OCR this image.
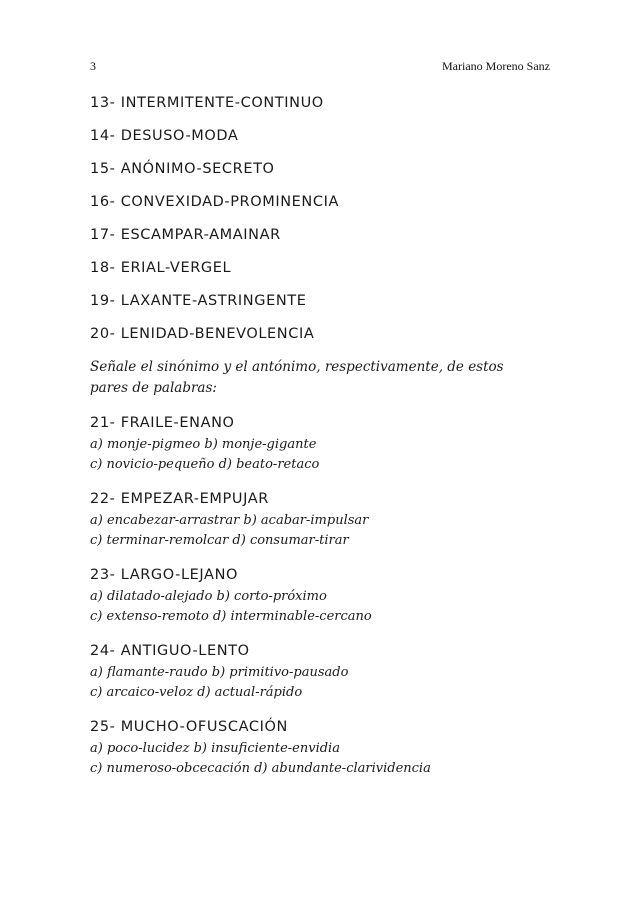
3	Mariano Moreno Sanz
13- INTERMITENTE-CONTINUO
14- DESUSO-MODA
15- ANÓNIMO-SECRETO
16- CONVEXIDAD-PROMINENCIA
17- ESCAMPAR-AMAINAR
18- ERIAL-VERGEL
19- LAXANTE-ASTRINGENTE
20- LENIDAD-BENEVOLENCIA
Señale el sinónimo y el antónimo, respectivamente, de estos
pares de palabras:
21- FRAILE-ENANO
a) monje-pigmeo b) monje-gigante
c) novicio-pequeño d) beato-retaco
22- EMPEZAR-EMPUJAR
a) encabezar-arrastrar b) acabar-impulsar
c) terminar-remolcar d) consumar-tirar
23- LARGO-LEJANO
a) dilatado-alejado b) corto-próximo
c) extenso-remoto d) interminable-cercano
24- ANTIGUO-LENTO
a) flamante-raudo b) primitivo-pausado
c) arcaico-veloz d) actual-rápido
25- MUCHO-OFUSCACIÓN
a) poco-lucidez b) insuficiente-envidia
c) numeroso-obcecación d) abundante-clarividencia
